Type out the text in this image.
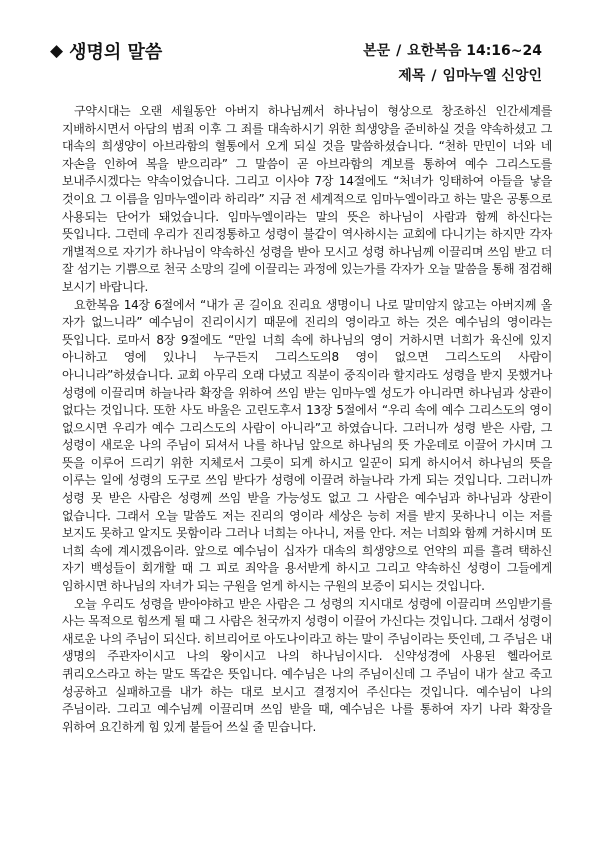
◆ 생명의 말씀	본문 / 요한복음 14:16~24
제목 / 임마누엘 신앙인

구약시대는 오랜 세월동안 아버지 하나님께서 하나님이 형상으로 창조하신 인간세계를 지배하시면서 아담의 범죄 이후 그 죄를 대속하시기 위한 희생양을 준비하실 것을 약속하셨고 그 대속의 희생양이 아브라함의 혈통에서 오게 되실 것을 말씀하셨습니다. “천하 만민이 너와 네 자손을 인하여 복을 받으리라” 그 말씀이 곧 아브라함의 계보를 통하여 예수 그리스도를 보내주시겠다는 약속이었습니다. 그리고 이사야 7장 14절에도 “처녀가 잉태하여 아들을 낳을 것이요 그 이름을 임마누엘이라 하리라” 지금 전 세계적으로 임마누엘이라고 하는 말은 공통으로 사용되는 단어가 돼었습니다. 임마누엘이라는 말의 뜻은 하나님이 사람과 함께 하신다는 뜻입니다. 그런데 우리가 진리정통하고 성령이 불같이 역사하시는 교회에 다니기는 하지만 각자 개별적으로 자기가 하나님이 약속하신 성령을 받아 모시고 성령 하나님께 이끌리며 쓰임 받고 더 잘 섬기는 기쁨으로 천국 소망의 길에 이끌리는 과정에 있는가를 각자가 오늘 말씀을 통해 점검해 보시기 바랍니다.

요한복음 14장 6절에서 “내가 곧 길이요 진리요 생명이니 나로 말미암지 않고는 아버지께 올 자가 없느니라” 예수님이 진리이시기 때문에 진리의 영이라고 하는 것은 예수님의 영이라는 뜻입니다. 로마서 8장 9절에도 “만일 너희 속에 하나님의 영이 거하시면 너희가 육신에 있지 아니하고 영에 있나니 누구든지 그리스도의8 영이 없으면 그리스도의 사람이 아니니라”하셨습니다. 교회 아무리 오래 다녔고 직분이 중직이라 할지라도 성령을 받지 못했거나 성령에 이끌리며 하늘나라 확장을 위하여 쓰임 받는 임마누엘 성도가 아니라면 하나님과 상관이 없다는 것입니다. 또한 사도 바울은 고린도후서 13장 5절에서 “우리 속에 예수 그리스도의 영이 없으시면 우리가 예수 그리스도의 사람이 아니라”고 하였습니다. 그러니까 성령 받은 사람, 그 성령이 새로운 나의 주님이 되셔서 나를 하나님 앞으로 하나님의 뜻 가운데로 이끌어 가시며 그 뜻을 이루어 드리기 위한 지체로서 그릇이 되게 하시고 일꾼이 되게 하시어서 하나님의 뜻을 이루는 일에 성령의 도구로 쓰임 받다가 성령에 이끌려 하늘나라 가게 되는 것입니다. 그러니까 성령 못 받은 사람은 성령께 쓰임 받을 가능성도 없고 그 사람은 예수님과 하나님과 상관이 없습니다. 그래서 오늘 말씀도 저는 진리의 영이라 세상은 능히 저를 받지 못하나니 이는 저를 보지도 못하고 알지도 못함이라 그러나 너희는 아나니, 저를 안다. 저는 너희와 함께 거하시며 또 너희 속에 계시겠음이라. 앞으로 예수님이 십자가 대속의 희생양으로 언약의 피를 흘려 택하신 자기 백성들이 회개할 때 그 피로 죄악을 용서받게 하시고 그리고 약속하신 성령이 그들에게 임하시면 하나님의 자녀가 되는 구원을 얻게 하시는 구원의 보증이 되시는 것입니다.

오늘 우리도 성령을 받아야하고 받은 사람은 그 성령의 지시대로 성령에 이끌리며 쓰임받기를 사는 목적으로 힘쓰게 될 때 그 사람은 천국까지 성령이 이끌어 가신다는 것입니다. 그래서 성령이 새로운 나의 주님이 되신다. 히브리어로 아도나이라고 하는 말이 주님이라는 뜻인데, 그 주님은 내 생명의 주관자이시고 나의 왕이시고 나의 하나님이시다. 신약성경에 사용된 헬라어로 퀴리오스라고 하는 말도 똑같은 뜻입니다. 예수님은 나의 주님이신데 그 주님이 내가 살고 죽고 성공하고 실패하고를 내가 하는 대로 보시고 결정지어 주신다는 것입니다. 예수님이 나의 주님이라. 그리고 예수님께 이끌리며 쓰임 받을 때, 예수님은 나를 통하여 자기 나라 확장을 위하여 요긴하게 힘 있게 붙들어 쓰실 줄 믿습니다.
